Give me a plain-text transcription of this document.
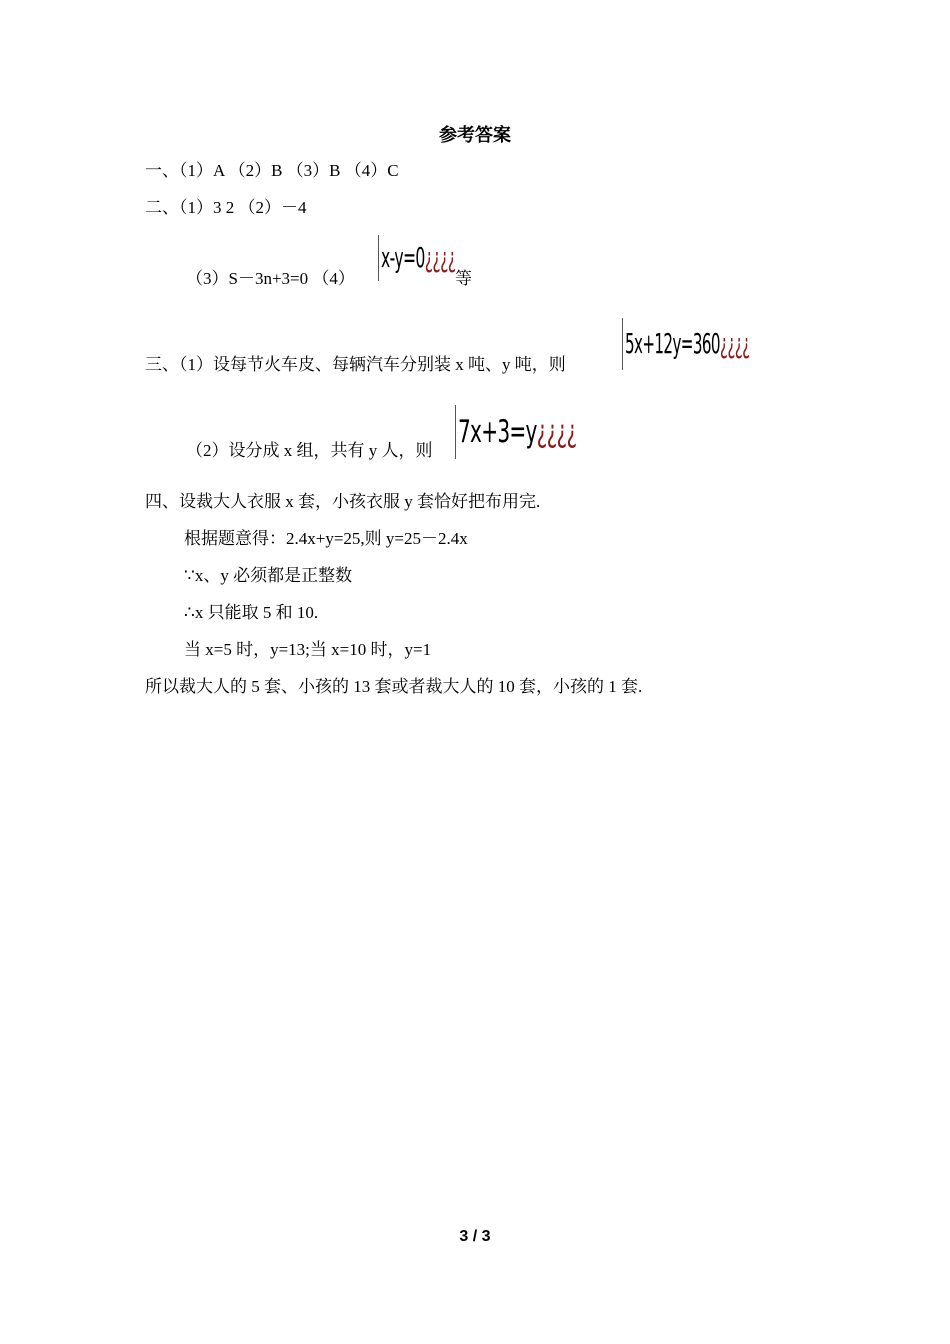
参考答案
一、（1）A （2）B （3）B （4）C
二、（1）3 2 （2）－4
（3）S－3n+3=0 （4）
x-y=0¿¿¿¿
等
三、（1）设每节火车皮、每辆汽车分别装 x 吨、y 吨，则
5x+12y=360¿¿¿¿
（2）设分成 x 组，共有 y 人，则
7x+3=y¿¿¿¿
四、设裁大人衣服 x 套，小孩衣服 y 套恰好把布用完.
根据题意得：2.4x+y=25,则 y=25－2.4x
∵x、y 必须都是正整数
∴x 只能取 5 和 10.
当 x=5 时，y=13;当 x=10 时，y=1
所以裁大人的 5 套、小孩的 13 套或者裁大人的 10 套，小孩的 1 套.
3 / 3
